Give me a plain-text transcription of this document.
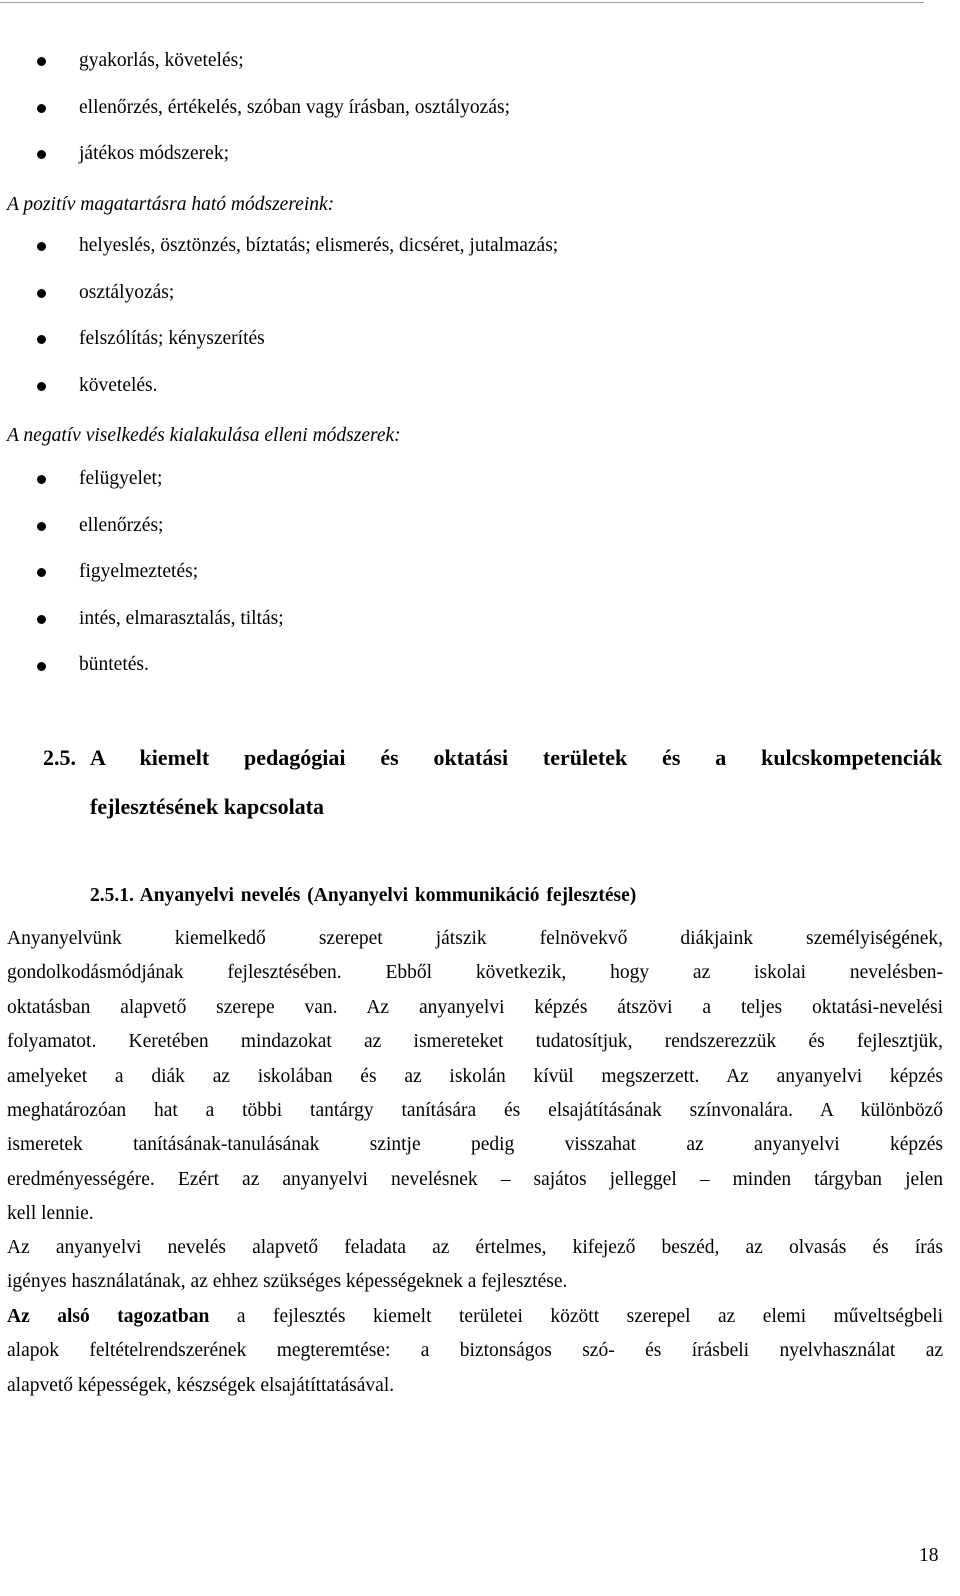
gyakorlás, követelés;
ellenőrzés, értékelés, szóban vagy írásban, osztályozás;
játékos módszerek;
A pozitív magatartásra ható módszereink:
helyeslés, ösztönzés, bíztatás; elismerés, dicséret, jutalmazás;
osztályozás;
felszólítás; kényszerítés
követelés.
A negatív viselkedés kialakulása elleni módszerek:
felügyelet;
ellenőrzés;
figyelmeztetés;
intés, elmarasztalás, tiltás;
büntetés.
2.5. A kiemelt pedagógiai és oktatási területek és a kulcskompetenciák
fejlesztésének kapcsolata
2.5.1. Anyanyelvi nevelés (Anyanyelvi kommunikáció fejlesztése)
Anyanyelvünk kiemelkedő szerepet játszik felnövekvő diákjaink személyiségének,
gondolkodásmódjának fejlesztésében. Ebből következik, hogy az iskolai nevelésben-
oktatásban alapvető szerepe van. Az anyanyelvi képzés átszövi a teljes oktatási-nevelési
folyamatot. Keretében mindazokat az ismereteket tudatosítjuk, rendszerezzük és fejlesztjük,
amelyeket a diák az iskolában és az iskolán kívül megszerzett. Az anyanyelvi képzés
meghatározóan hat a többi tantárgy tanítására és elsajátításának színvonalára. A különböző
ismeretek tanításának-tanulásának szintje pedig visszahat az anyanyelvi képzés
eredményességére. Ezért az anyanyelvi nevelésnek – sajátos jelleggel – minden tárgyban jelen
kell lennie.
Az anyanyelvi nevelés alapvető feladata az értelmes, kifejező beszéd, az olvasás és írás
igényes használatának, az ehhez szükséges képességeknek a fejlesztése.
Az alsó tagozatban a fejlesztés kiemelt területei között szerepel az elemi műveltségbeli
alapok feltételrendszerének megteremtése: a biztonságos szó- és írásbeli nyelvhasználat az
alapvető képességek, készségek elsajátíttatásával.
18
